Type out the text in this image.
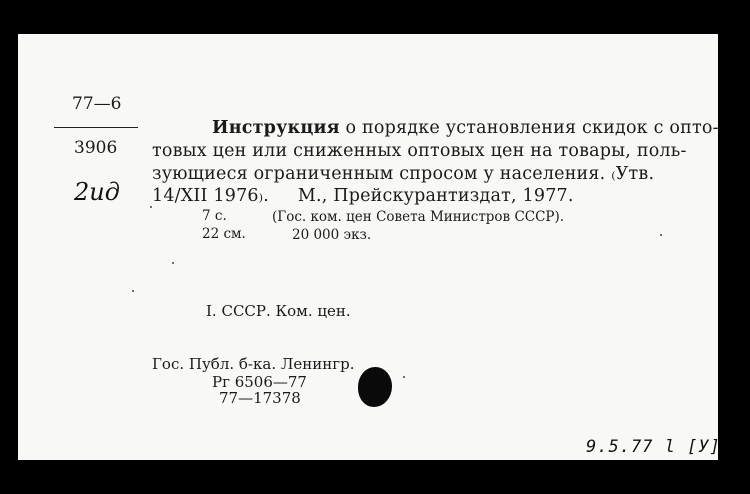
77—6
3906
2ид
Инструкция о порядке установления скидок с опто-
товых цен или сниженных оптовых цен на товары, поль-
зующиеся ограниченным спросом у населения. ₍Утв.
14/XII 1976₎.     М., Прейскурантиздат, 1977.
7 с.	(Гос. ком. цен Совета Министров СССР).
22 см.	20 000 экз.
I. СССР. Ком. цен.
Гос. Публ. б-ка. Ленингр.
Рг 6506—77
77—17378
9.5.77 l [У]
